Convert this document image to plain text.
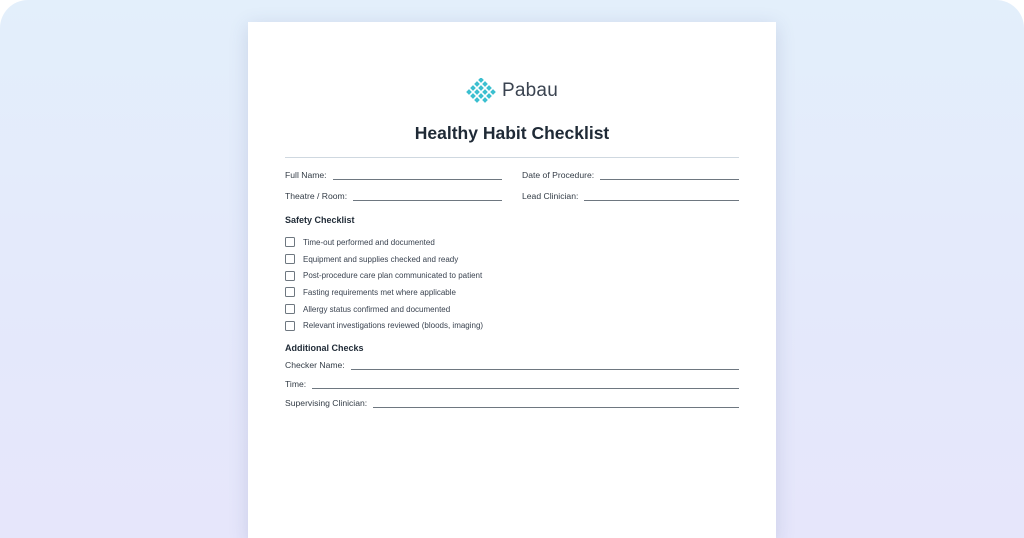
Pabau
Healthy Habit Checklist
Full Name:	Date of Procedure:
Theatre / Room:	Lead Clinician:
Safety Checklist
Time-out performed and documented
Equipment and supplies checked and ready
Post-procedure care plan communicated to patient
Fasting requirements met where applicable
Allergy status confirmed and documented
Relevant investigations reviewed (bloods, imaging)
Additional Checks
Checker Name:
Time:
Supervising Clinician:
